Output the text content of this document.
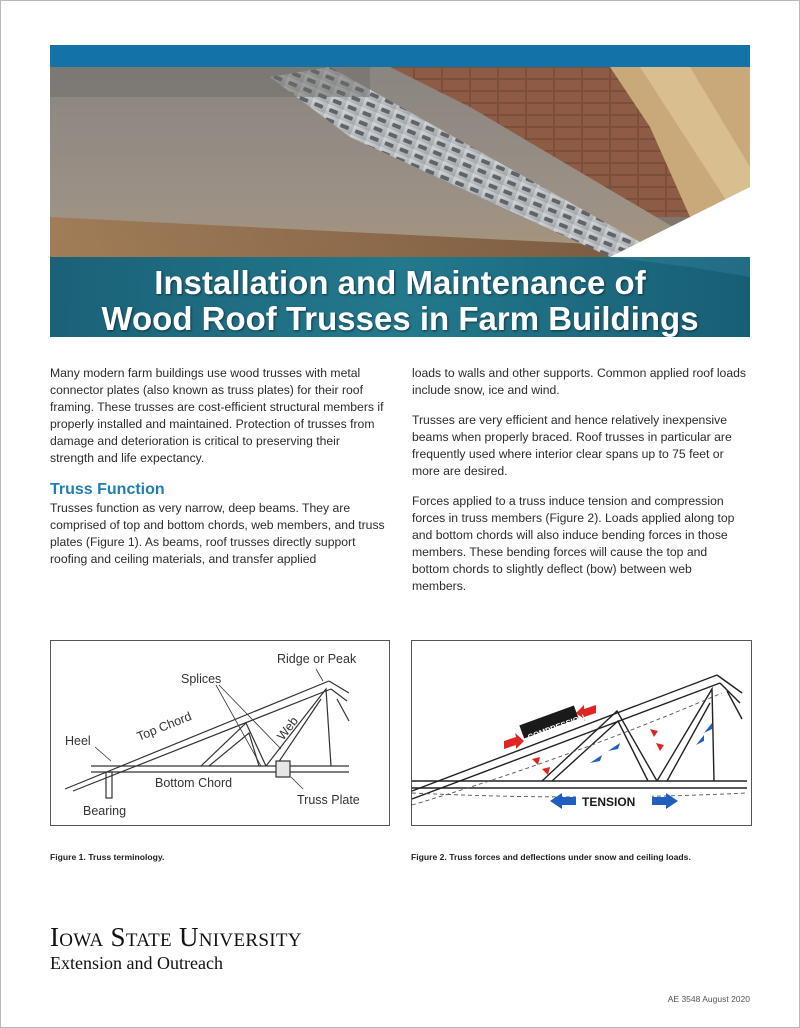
Installation and Maintenance of
Wood Roof Trusses in Farm Buildings

Many modern farm buildings use wood trusses with metal connector plates (also known as truss plates) for their roof framing. These trusses are cost-efficient structural members if properly installed and maintained. Protection of trusses from damage and deterioration is critical to preserving their strength and life expectancy.

Truss Function

Trusses function as very narrow, deep beams. They are comprised of top and bottom chords, web members, and truss plates (Figure 1). As beams, roof trusses directly support roofing and ceiling materials, and transfer applied

loads to walls and other supports. Common applied roof loads include snow, ice and wind.

Trusses are very efficient and hence relatively inexpensive beams when properly braced. Roof trusses in particular are frequently used where interior clear spans up to 75 feet or more are desired.

Forces applied to a truss induce tension and compression forces in truss members (Figure 2). Loads applied along top and bottom chords will also induce bending forces in those members. These bending forces will cause the top and bottom chords to slightly deflect (bow) between web members.

Ridge or Peak
Splices
Top Chord	Web
Heel
Bottom Chord
Truss Plate
Bearing
COMPRESSION
TENSION
Figure 1. Truss terminology.	Figure 2. Truss forces and deflections under snow and ceiling loads.
Iowa State University
Extension and Outreach
AE 3548 August 2020
